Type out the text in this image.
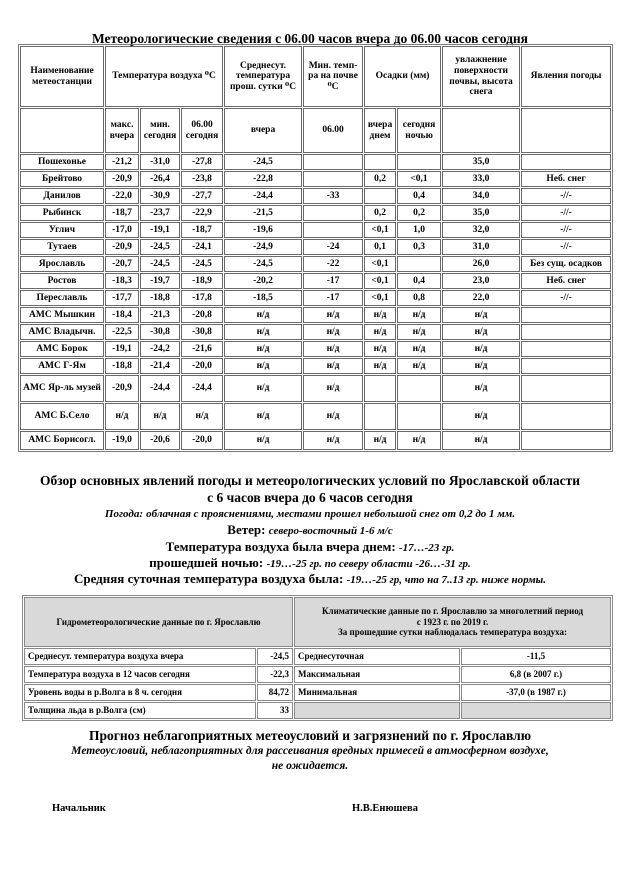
Метеорологические сведения с 06.00 часов вчера до 06.00 часов сегодня
Наименование метеостанции	Температура воздуха ⁰С			Среднесут. температура прош. сутки ⁰С	Мин. темп-ра на почве ⁰С	Осадки (мм)		увлажнение поверхности почвы, высота снега	Явления погоды
	макс. вчера	мин. сегодня	06.00 сегодня	вчера	06.00	вчера днем	сегодня ночью		
Пошехонье	-21,2	-31,0	-27,8	-24,5				35,0	
Брейтово	-20,9	-26,4	-23,8	-22,8		0,2	<0,1	33,0	Неб. снег
Данилов	-22,0	-30,9	-27,7	-24,4	-33		0,4	34,0	-//-
Рыбинск	-18,7	-23,7	-22,9	-21,5		0,2	0,2	35,0	-//-
Углич	-17,0	-19,1	-18,7	-19,6		<0,1	1,0	32,0	-//-
Тутаев	-20,9	-24,5	-24,1	-24,9	-24	0,1	0,3	31,0	-//-
Ярославль	-20,7	-24,5	-24,5	-24,5	-22	<0,1		26,0	Без сущ. осадков
Ростов	-18,3	-19,7	-18,9	-20,2	-17	<0,1	0,4	23,0	Неб. снег
Переславль	-17,7	-18,8	-17,8	-18,5	-17	<0,1	0,8	22,0	-//-
АМС Мышкин	-18,4	-21,3	-20,8	н/д	н/д	н/д	н/д	н/д	
АМС Владычн.	-22,5	-30,8	-30,8	н/д	н/д	н/д	н/д	н/д	
АМС Борок	-19,1	-24,2	-21,6	н/д	н/д	н/д	н/д	н/д	
АМС Г-Ям	-18,8	-21,4	-20,0	н/д	н/д	н/д	н/д	н/д	
АМС Яр-ль музей	-20,9	-24,4	-24,4	н/д	н/д			н/д	
АМС Б.Село	н/д	н/д	н/д	н/д	н/д			н/д	
АМС Борисогл.	-19,0	-20,6	-20,0	н/д	н/д	н/д	н/д	н/д	
Обзор основных явлений погоды и метеорологических условий по Ярославской области
с 6 часов вчера до 6 часов сегодня
Погода: облачная с прояснениями, местами прошел небольшой снег от 0,2 до 1 мм.
Ветер: северо-восточный 1-6 м/с
Температура воздуха была вчера днем: -17…-23 гр.
прошедшей ночью: -19…-25 гр. по северу области -26…-31 гр.
Средняя суточная температура воздуха была: -19…-25 гр, что на 7..13 гр. ниже нормы.
Гидрометеорологические данные по г. Ярославлю		Климатические данные по г. Ярославлю за многолетний период
с 1923 г. по 2019 г.
За прошедшие сутки наблюдалась температура воздуха:	

Среднесут. температура воздуха вчера	-24,5	Среднесуточная	-11,5
Температура воздуха в 12 часов сегодня	-22,3	Максимальная	6,8 (в 2007 г.)
Уровень воды в р.Волга в 8 ч. сегодня	84,72	Минимальная	-37,0 (в 1987 г.)
Толщина льда в р.Волга (см)	33		
Прогноз неблагоприятных метеоусловий и загрязнений по г. Ярославлю
Метеоусловий, неблагоприятных для рассеивания вредных примесей в атмосферном воздухе,
не ожидается.
Начальник	Н.В.Енюшева
